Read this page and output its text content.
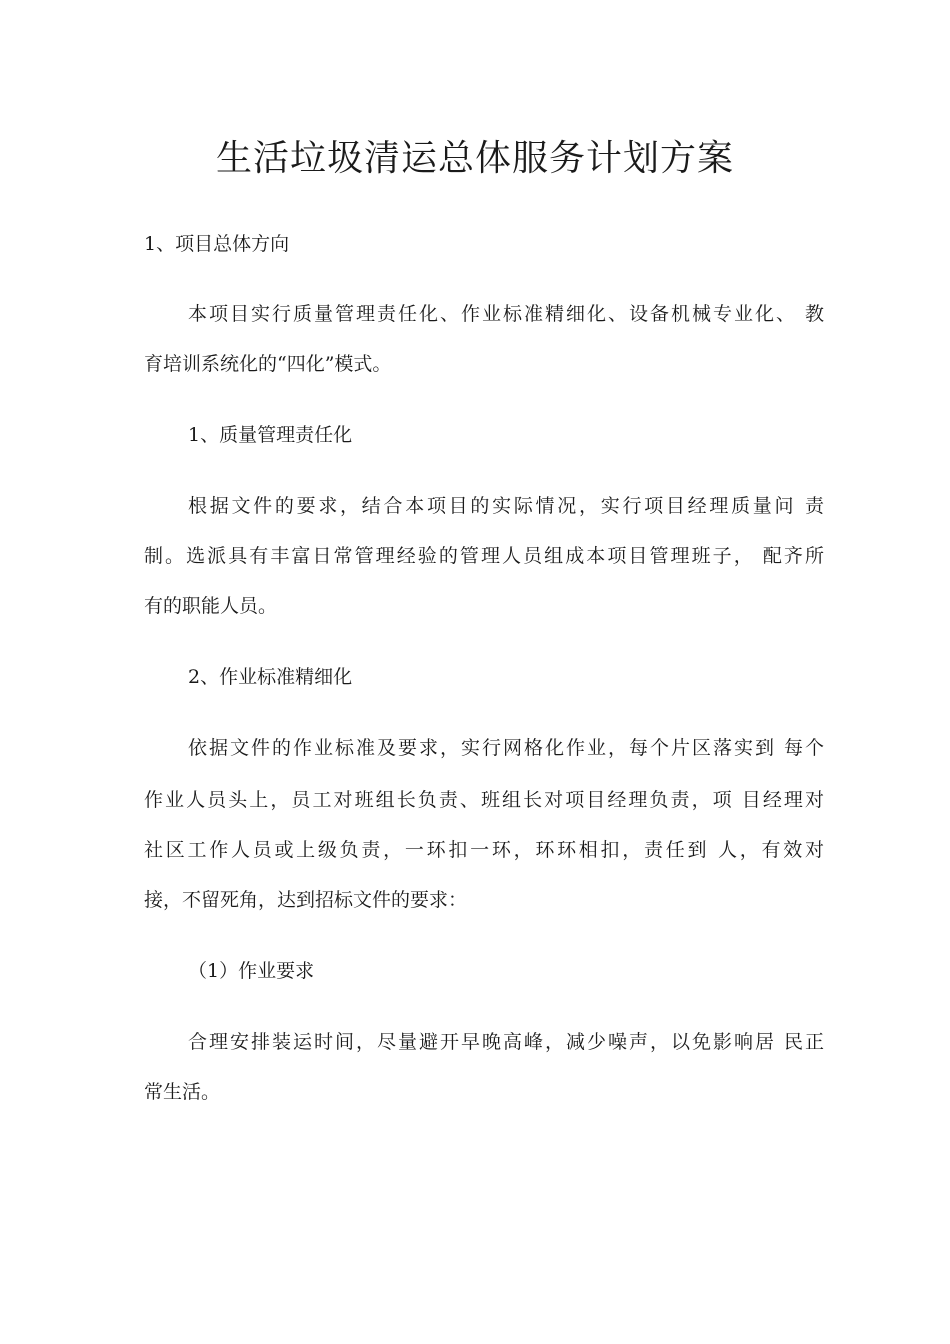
生活垃圾清运总体服务计划方案
1、项目总体方向
本项目实行质量管理责任化、作业标准精细化、设备机械专业化、 教
育培训系统化的“四化”模式。
1、质量管理责任化
根据文件的要求，结合本项目的实际情况，实行项目经理质量问 责
制。选派具有丰富日常管理经验的管理人员组成本项目管理班子， 配齐所
有的职能人员。
2、作业标准精细化
依据文件的作业标准及要求，实行网格化作业，每个片区落实到 每个
作业人员头上，员工对班组长负责、班组长对项目经理负责，项 目经理对
社区工作人员或上级负责，一环扣一环，环环相扣，责任到 人，有效对
接，不留死角，达到招标文件的要求：
（1）作业要求
合理安排装运时间，尽量避开早晚高峰，减少噪声，以免影响居 民正
常生活。
